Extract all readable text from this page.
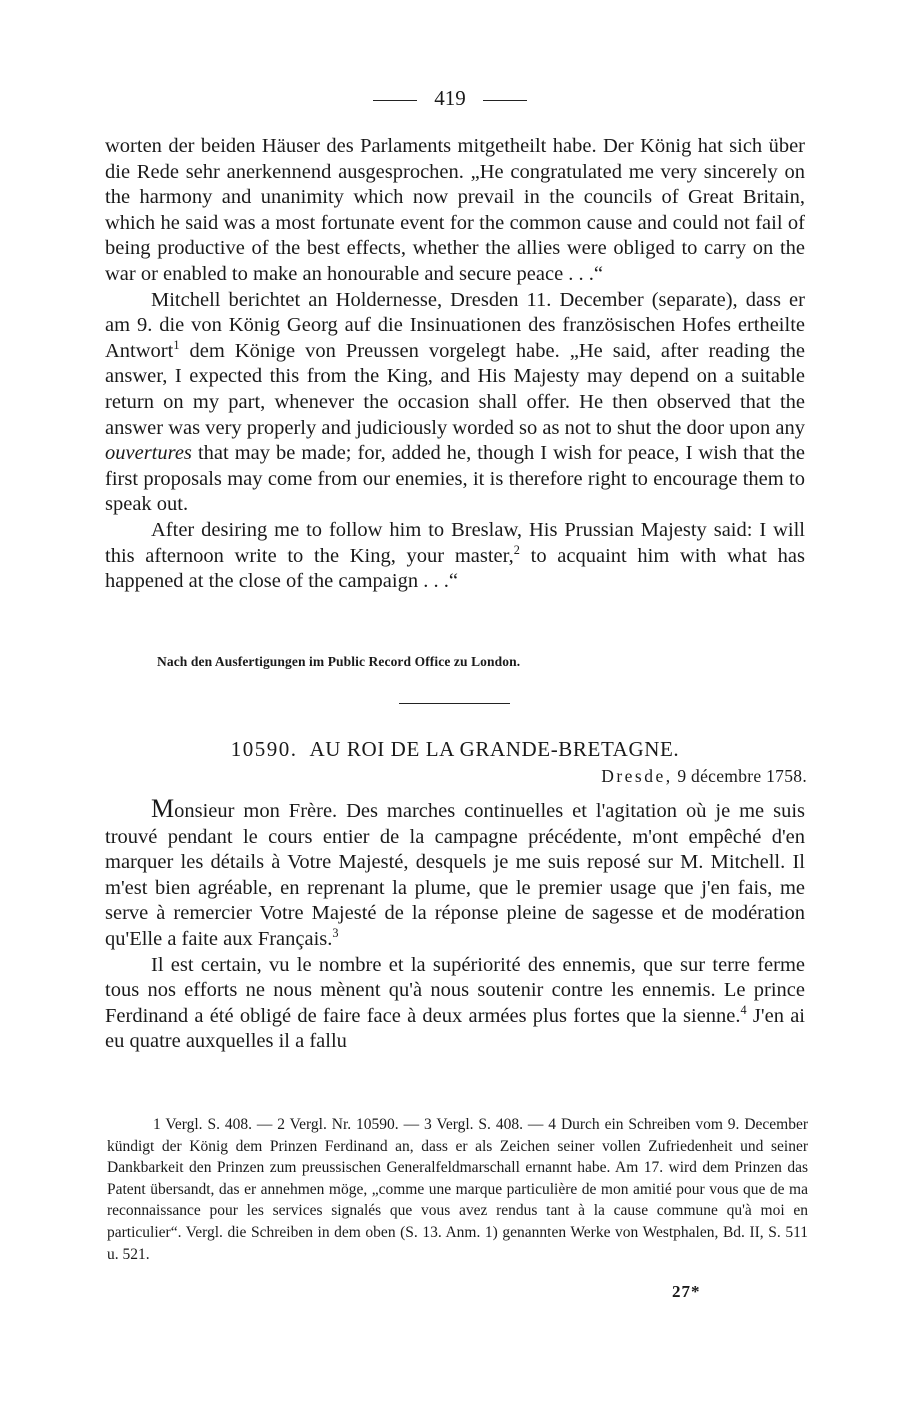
419

worten der beiden Häuser des Parlaments mitgetheilt habe. Der König hat sich über die Rede sehr anerkennend ausgesprochen. „He congratulated me very sincerely on the harmony and unanimity which now prevail in the councils of Great Britain, which he said was a most fortunate event for the common cause and could not fail of being productive of the best effects, whether the allies were obliged to carry on the war or enabled to make an honourable and secure peace . . .“

Mitchell berichtet an Holdernesse, Dresden 11. December (separate), dass er am 9. die von König Georg auf die Insinuationen des französischen Hofes ertheilte Antwort$^1$ dem Könige von Preussen vorgelegt habe. „He said, after reading the answer, I expected this from the King, and His Majesty may depend on a suitable return on my part, whenever the occasion shall offer. He then observed that the answer was very properly and judiciously worded so as not to shut the door upon any ouvertures that may be made; for, added he, though I wish for peace, I wish that the first proposals may come from our enemies, it is therefore right to encourage them to speak out.

After desiring me to follow him to Breslaw, His Prussian Majesty said: I will this afternoon write to the King, your master,$^2$ to acquaint him with what has happened at the close of the campaign . . .“

Nach den Ausfertigungen im Public Record Office zu London.
10590. AU ROI DE LA GRANDE-BRETAGNE.
Dresde, 9 décembre 1758.

Monsieur mon Frère. Des marches continuelles et l'agitation où je me suis trouvé pendant le cours entier de la campagne précédente, m'ont empêché d'en marquer les détails à Votre Majesté, desquels je me suis reposé sur M. Mitchell. Il m'est bien agréable, en reprenant la plume, que le premier usage que j'en fais, me serve à remercier Votre Majesté de la réponse pleine de sagesse et de modération qu'Elle a faite aux Français.$^3$

Il est certain, vu le nombre et la supériorité des ennemis, que sur terre ferme tous nos efforts ne nous mènent qu'à nous soutenir contre les ennemis. Le prince Ferdinand a été obligé de faire face à deux armées plus fortes que la sienne.$^4$ J'en ai eu quatre auxquelles il a fallu

1 Vergl. S. 408. — 2 Vergl. Nr. 10590. — 3 Vergl. S. 408. — 4 Durch ein Schreiben vom 9. December kündigt der König dem Prinzen Ferdinand an, dass er als Zeichen seiner vollen Zufriedenheit und seiner Dankbarkeit den Prinzen zum preussischen Generalfeldmarschall ernannt habe. Am 17. wird dem Prinzen das Patent übersandt, das er annehmen möge, „comme une marque particulière de mon amitié pour vous que de ma reconnaissance pour les services signalés que vous avez rendus tant à la cause commune qu'à moi en particulier“. Vergl. die Schreiben in dem oben (S. 13. Anm. 1) genannten Werke von Westphalen, Bd. II, S. 511 u. 521.

27*
